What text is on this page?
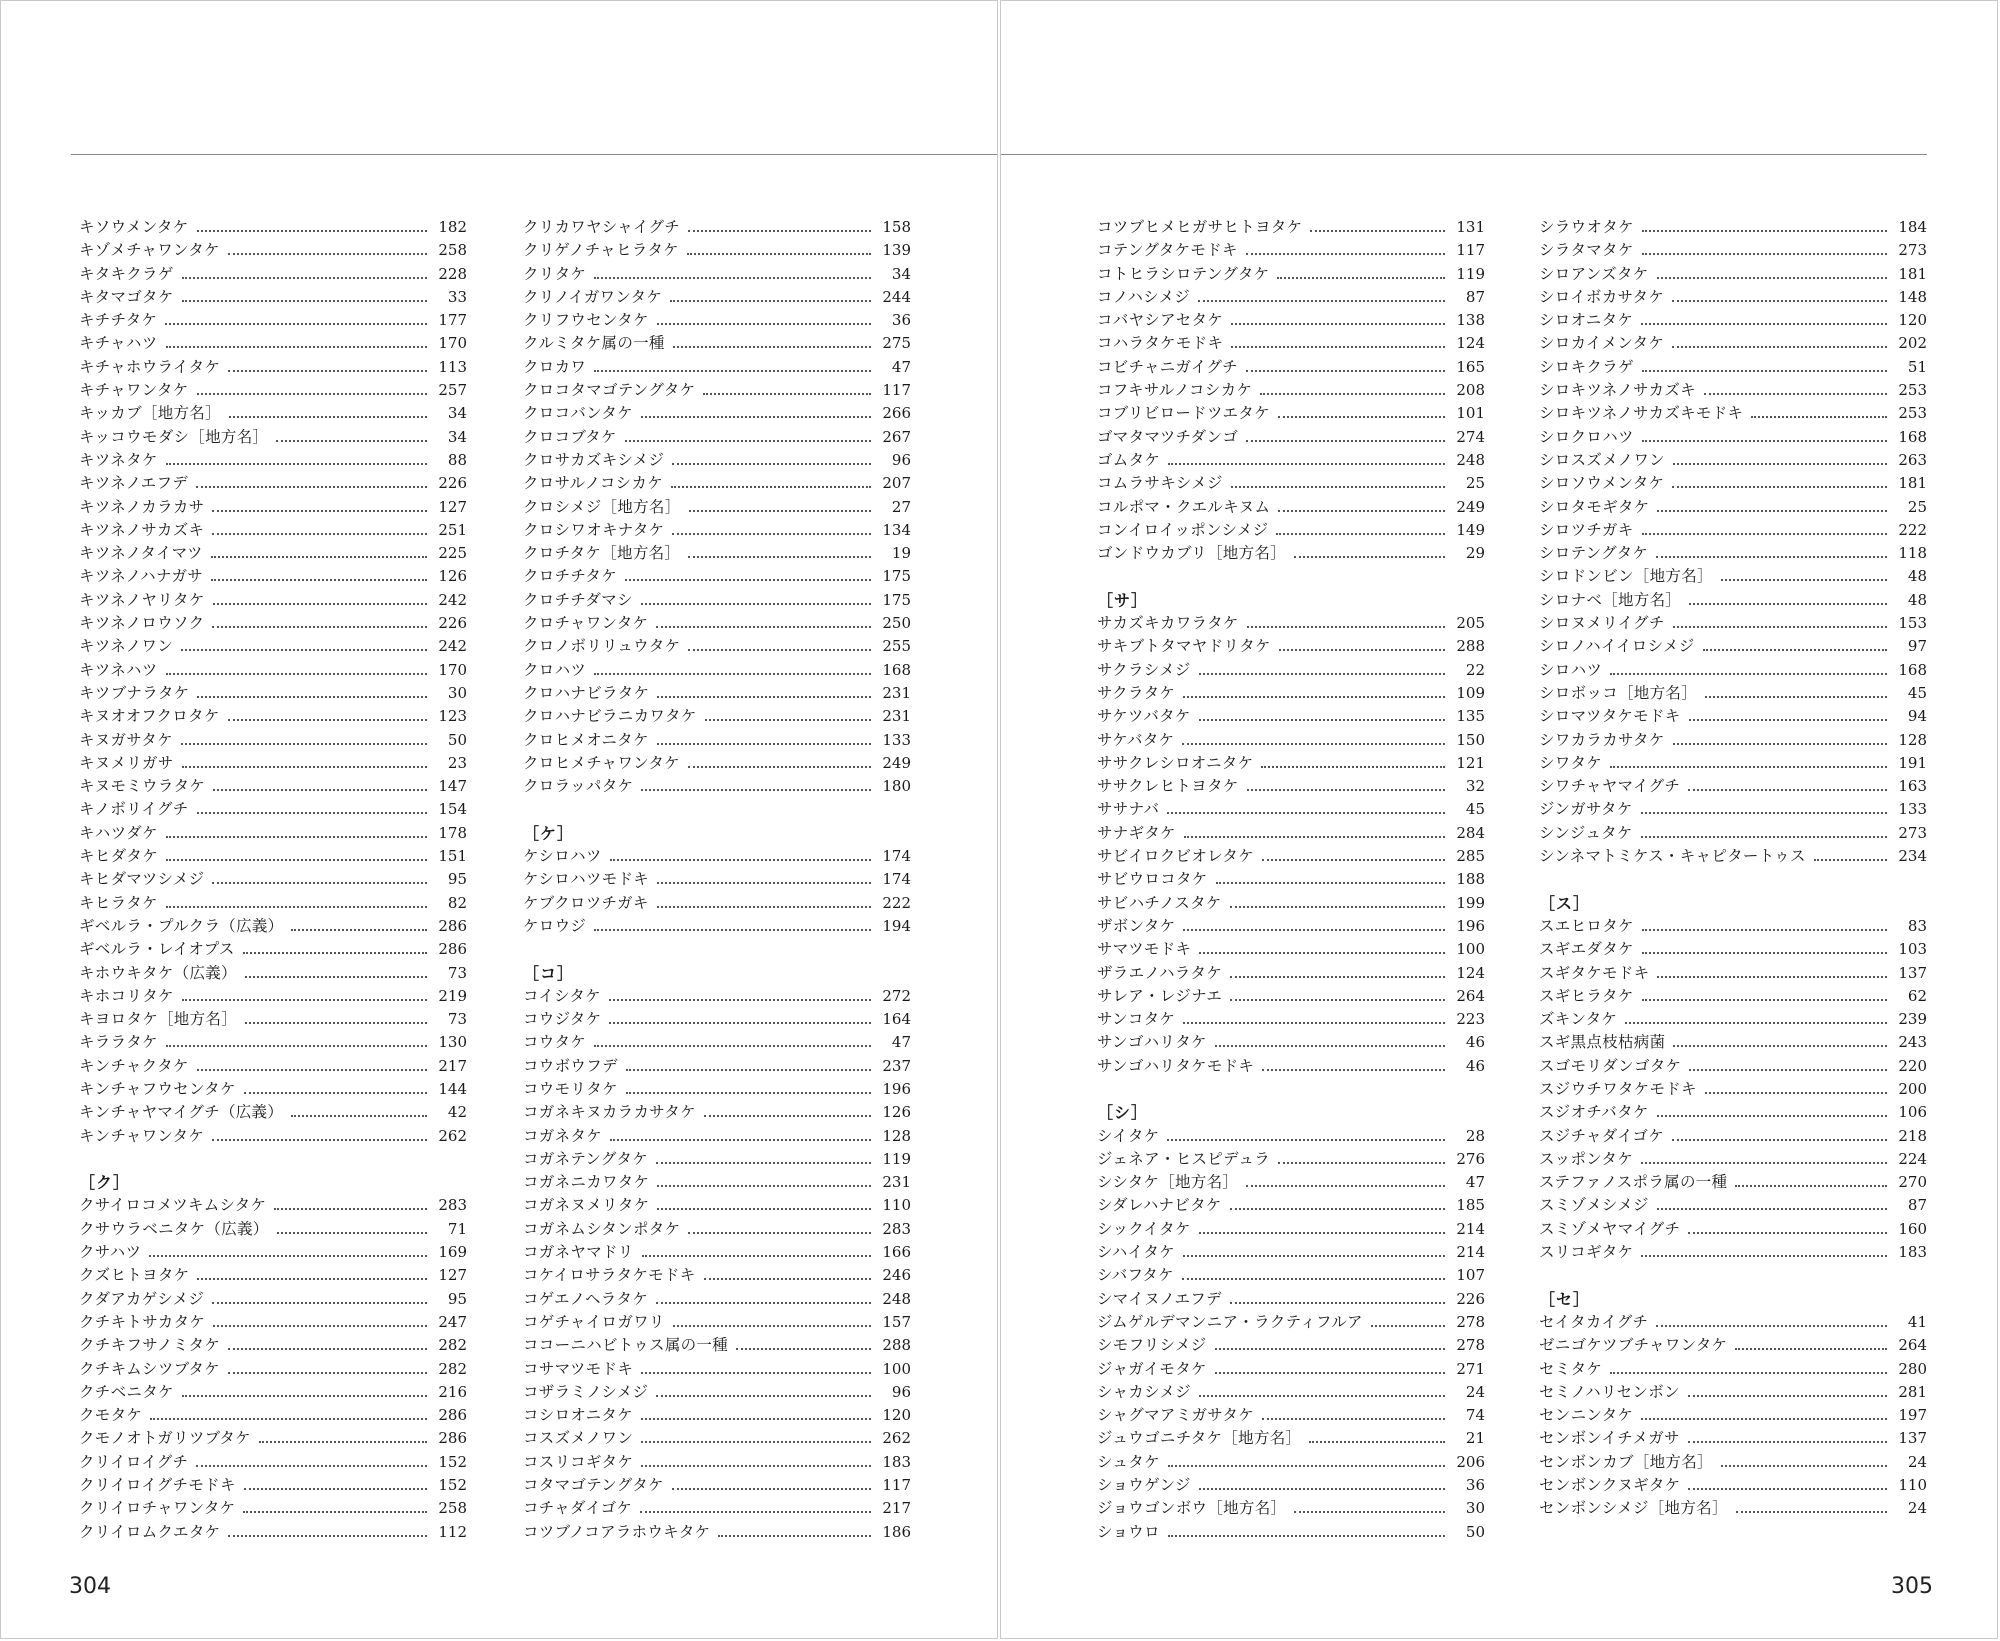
キソウメンタケ	182
キゾメチャワンタケ	258
キタキクラゲ	228
キタマゴタケ	33
キチチタケ	177
キチャハツ	170
キチャホウライタケ	113
キチャワンタケ	257
キッカブ［地方名］	34
キッコウモダシ［地方名］	34
キツネタケ	88
キツネノエフデ	226
キツネノカラカサ	127
キツネノサカズキ	251
キツネノタイマツ	225
キツネノハナガサ	126
キツネノヤリタケ	242
キツネノロウソク	226
キツネノワン	242
キツネハツ	170
キツブナラタケ	30
キヌオオフクロタケ	123
キヌガサタケ	50
キヌメリガサ	23
キヌモミウラタケ	147
キノボリイグチ	154
キハツダケ	178
キヒダタケ	151
キヒダマツシメジ	95
キヒラタケ	82
ギベルラ・プルクラ（広義）	286
ギベルラ・レイオプス	286
キホウキタケ（広義）	73
キホコリタケ	219
キヨロタケ［地方名］	73
キララタケ	130
キンチャクタケ	217
キンチャフウセンタケ	144
キンチャヤマイグチ（広義）	42
キンチャワンタケ	262
［ク］
クサイロコメツキムシタケ	283
クサウラベニタケ（広義）	71
クサハツ	169
クズヒトヨタケ	127
クダアカゲシメジ	95
クチキトサカタケ	247
クチキフサノミタケ	282
クチキムシツブタケ	282
クチベニタケ	216
クモタケ	286
クモノオトガリツブタケ	286
クリイロイグチ	152
クリイロイグチモドキ	152
クリイロチャワンタケ	258
クリイロムクエタケ	112
クリカワヤシャイグチ	158
クリゲノチャヒラタケ	139
クリタケ	34
クリノイガワンタケ	244
クリフウセンタケ	36
クルミタケ属の一種	275
クロカワ	47
クロコタマゴテングタケ	117
クロコバンタケ	266
クロコブタケ	267
クロサカズキシメジ	96
クロサルノコシカケ	207
クロシメジ［地方名］	27
クロシワオキナタケ	134
クロチタケ［地方名］	19
クロチチタケ	175
クロチチダマシ	175
クロチャワンタケ	250
クロノボリリュウタケ	255
クロハツ	168
クロハナビラタケ	231
クロハナビラニカワタケ	231
クロヒメオニタケ	133
クロヒメチャワンタケ	249
クロラッパタケ	180
［ケ］
ケシロハツ	174
ケシロハツモドキ	174
ケブクロツチガキ	222
ケロウジ	194
［コ］
コイシタケ	272
コウジタケ	164
コウタケ	47
コウボウフデ	237
コウモリタケ	196
コガネキヌカラカサタケ	126
コガネタケ	128
コガネテングタケ	119
コガネニカワタケ	231
コガネヌメリタケ	110
コガネムシタンポタケ	283
コガネヤマドリ	166
コケイロサラタケモドキ	246
コゲエノヘラタケ	248
コゲチャイロガワリ	157
ココーニハビトゥス属の一種	288
コサマツモドキ	100
コザラミノシメジ	96
コシロオニタケ	120
コスズメノワン	262
コスリコギタケ	183
コタマゴテングタケ	117
コチャダイゴケ	217
コツブノコアラホウキタケ	186
304
コツブヒメヒガサヒトヨタケ	131
コテングタケモドキ	117
コトヒラシロテングタケ	119
コノハシメジ	87
コバヤシアセタケ	138
コハラタケモドキ	124
コビチャニガイグチ	165
コフキサルノコシカケ	208
コブリビロードツエタケ	101
ゴマタマツチダンゴ	274
ゴムタケ	248
コムラサキシメジ	25
コルポマ・クエルキヌム	249
コンイロイッポンシメジ	149
ゴンドウカブリ［地方名］	29
［サ］
サカズキカワラタケ	205
サキブトタマヤドリタケ	288
サクラシメジ	22
サクラタケ	109
サケツバタケ	135
サケバタケ	150
ササクレシロオニタケ	121
ササクレヒトヨタケ	32
ササナバ	45
サナギタケ	284
サビイロクビオレタケ	285
サビウロコタケ	188
サビハチノスタケ	199
ザボンタケ	196
サマツモドキ	100
ザラエノハラタケ	124
サレア・レジナエ	264
サンコタケ	223
サンゴハリタケ	46
サンゴハリタケモドキ	46
［シ］
シイタケ	28
ジェネア・ヒスピデュラ	276
シシタケ［地方名］	47
シダレハナビタケ	185
シックイタケ	214
シハイタケ	214
シバフタケ	107
シマイヌノエフデ	226
ジムゲルデマンニア・ラクティフルア	278
シモフリシメジ	278
ジャガイモタケ	271
シャカシメジ	24
シャグマアミガサタケ	74
ジュウゴニチタケ［地方名］	21
シュタケ	206
ショウゲンジ	36
ジョウゴンボウ［地方名］	30
ショウロ	50
シラウオタケ	184
シラタマタケ	273
シロアンズタケ	181
シロイボカサタケ	148
シロオニタケ	120
シロカイメンタケ	202
シロキクラゲ	51
シロキツネノサカズキ	253
シロキツネノサカズキモドキ	253
シロクロハツ	168
シロスズメノワン	263
シロソウメンタケ	181
シロタモギタケ	25
シロツチガキ	222
シロテングタケ	118
シロドンビン［地方名］	48
シロナベ［地方名］	48
シロヌメリイグチ	153
シロノハイイロシメジ	97
シロハツ	168
シロボッコ［地方名］	45
シロマツタケモドキ	94
シワカラカサタケ	128
シワタケ	191
シワチャヤマイグチ	163
ジンガサタケ	133
シンジュタケ	273
シンネマトミケス・キャピタートゥス	234
［ス］
スエヒロタケ	83
スギエダタケ	103
スギタケモドキ	137
スギヒラタケ	62
ズキンタケ	239
スギ黒点枝枯病菌	243
スゴモリダンゴタケ	220
スジウチワタケモドキ	200
スジオチバタケ	106
スジチャダイゴケ	218
スッポンタケ	224
ステファノスポラ属の一種	270
スミゾメシメジ	87
スミゾメヤマイグチ	160
スリコギタケ	183
［セ］
セイタカイグチ	41
ゼニゴケツブチャワンタケ	264
セミタケ	280
セミノハリセンボン	281
センニンタケ	197
センボンイチメガサ	137
センボンカブ［地方名］	24
センボンクヌギタケ	110
センボンシメジ［地方名］	24
305
